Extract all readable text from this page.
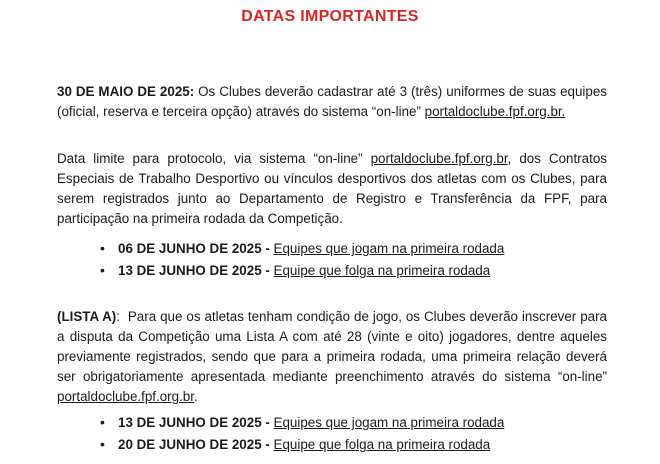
DATAS IMPORTANTES
30 DE MAIO DE 2025: Os Clubes deverão cadastrar até 3 (três) uniformes de suas equipes
(oficial, reserva e terceira opção) através do sistema “on-line” portaldoclube.fpf.org.br.
Data limite para protocolo, via sistema “on-line” portaldoclube.fpf.org.br, dos Contratos
Especiais de Trabalho Desportivo ou vínculos desportivos dos atletas com os Clubes, para
serem registrados junto ao Departamento de Registro e Transferência da FPF, para
participação na primeira rodada da Competição.
• 06 DE JUNHO DE 2025 - Equipes que jogam na primeira rodada
• 13 DE JUNHO DE 2025 - Equipe que folga na primeira rodada
(LISTA A):  Para que os atletas tenham condição de jogo, os Clubes deverão inscrever para
a disputa da Competição uma Lista A com até 28 (vinte e oito) jogadores, dentre aqueles
previamente registrados, sendo que para a primeira rodada, uma primeira relação deverá
ser obrigatoriamente apresentada mediante preenchimento através do sistema “on-line”
portaldoclube.fpf.org.br.
• 13 DE JUNHO DE 2025 - Equipes que jogam na primeira rodada
• 20 DE JUNHO DE 2025 - Equipe que folga na primeira rodada
